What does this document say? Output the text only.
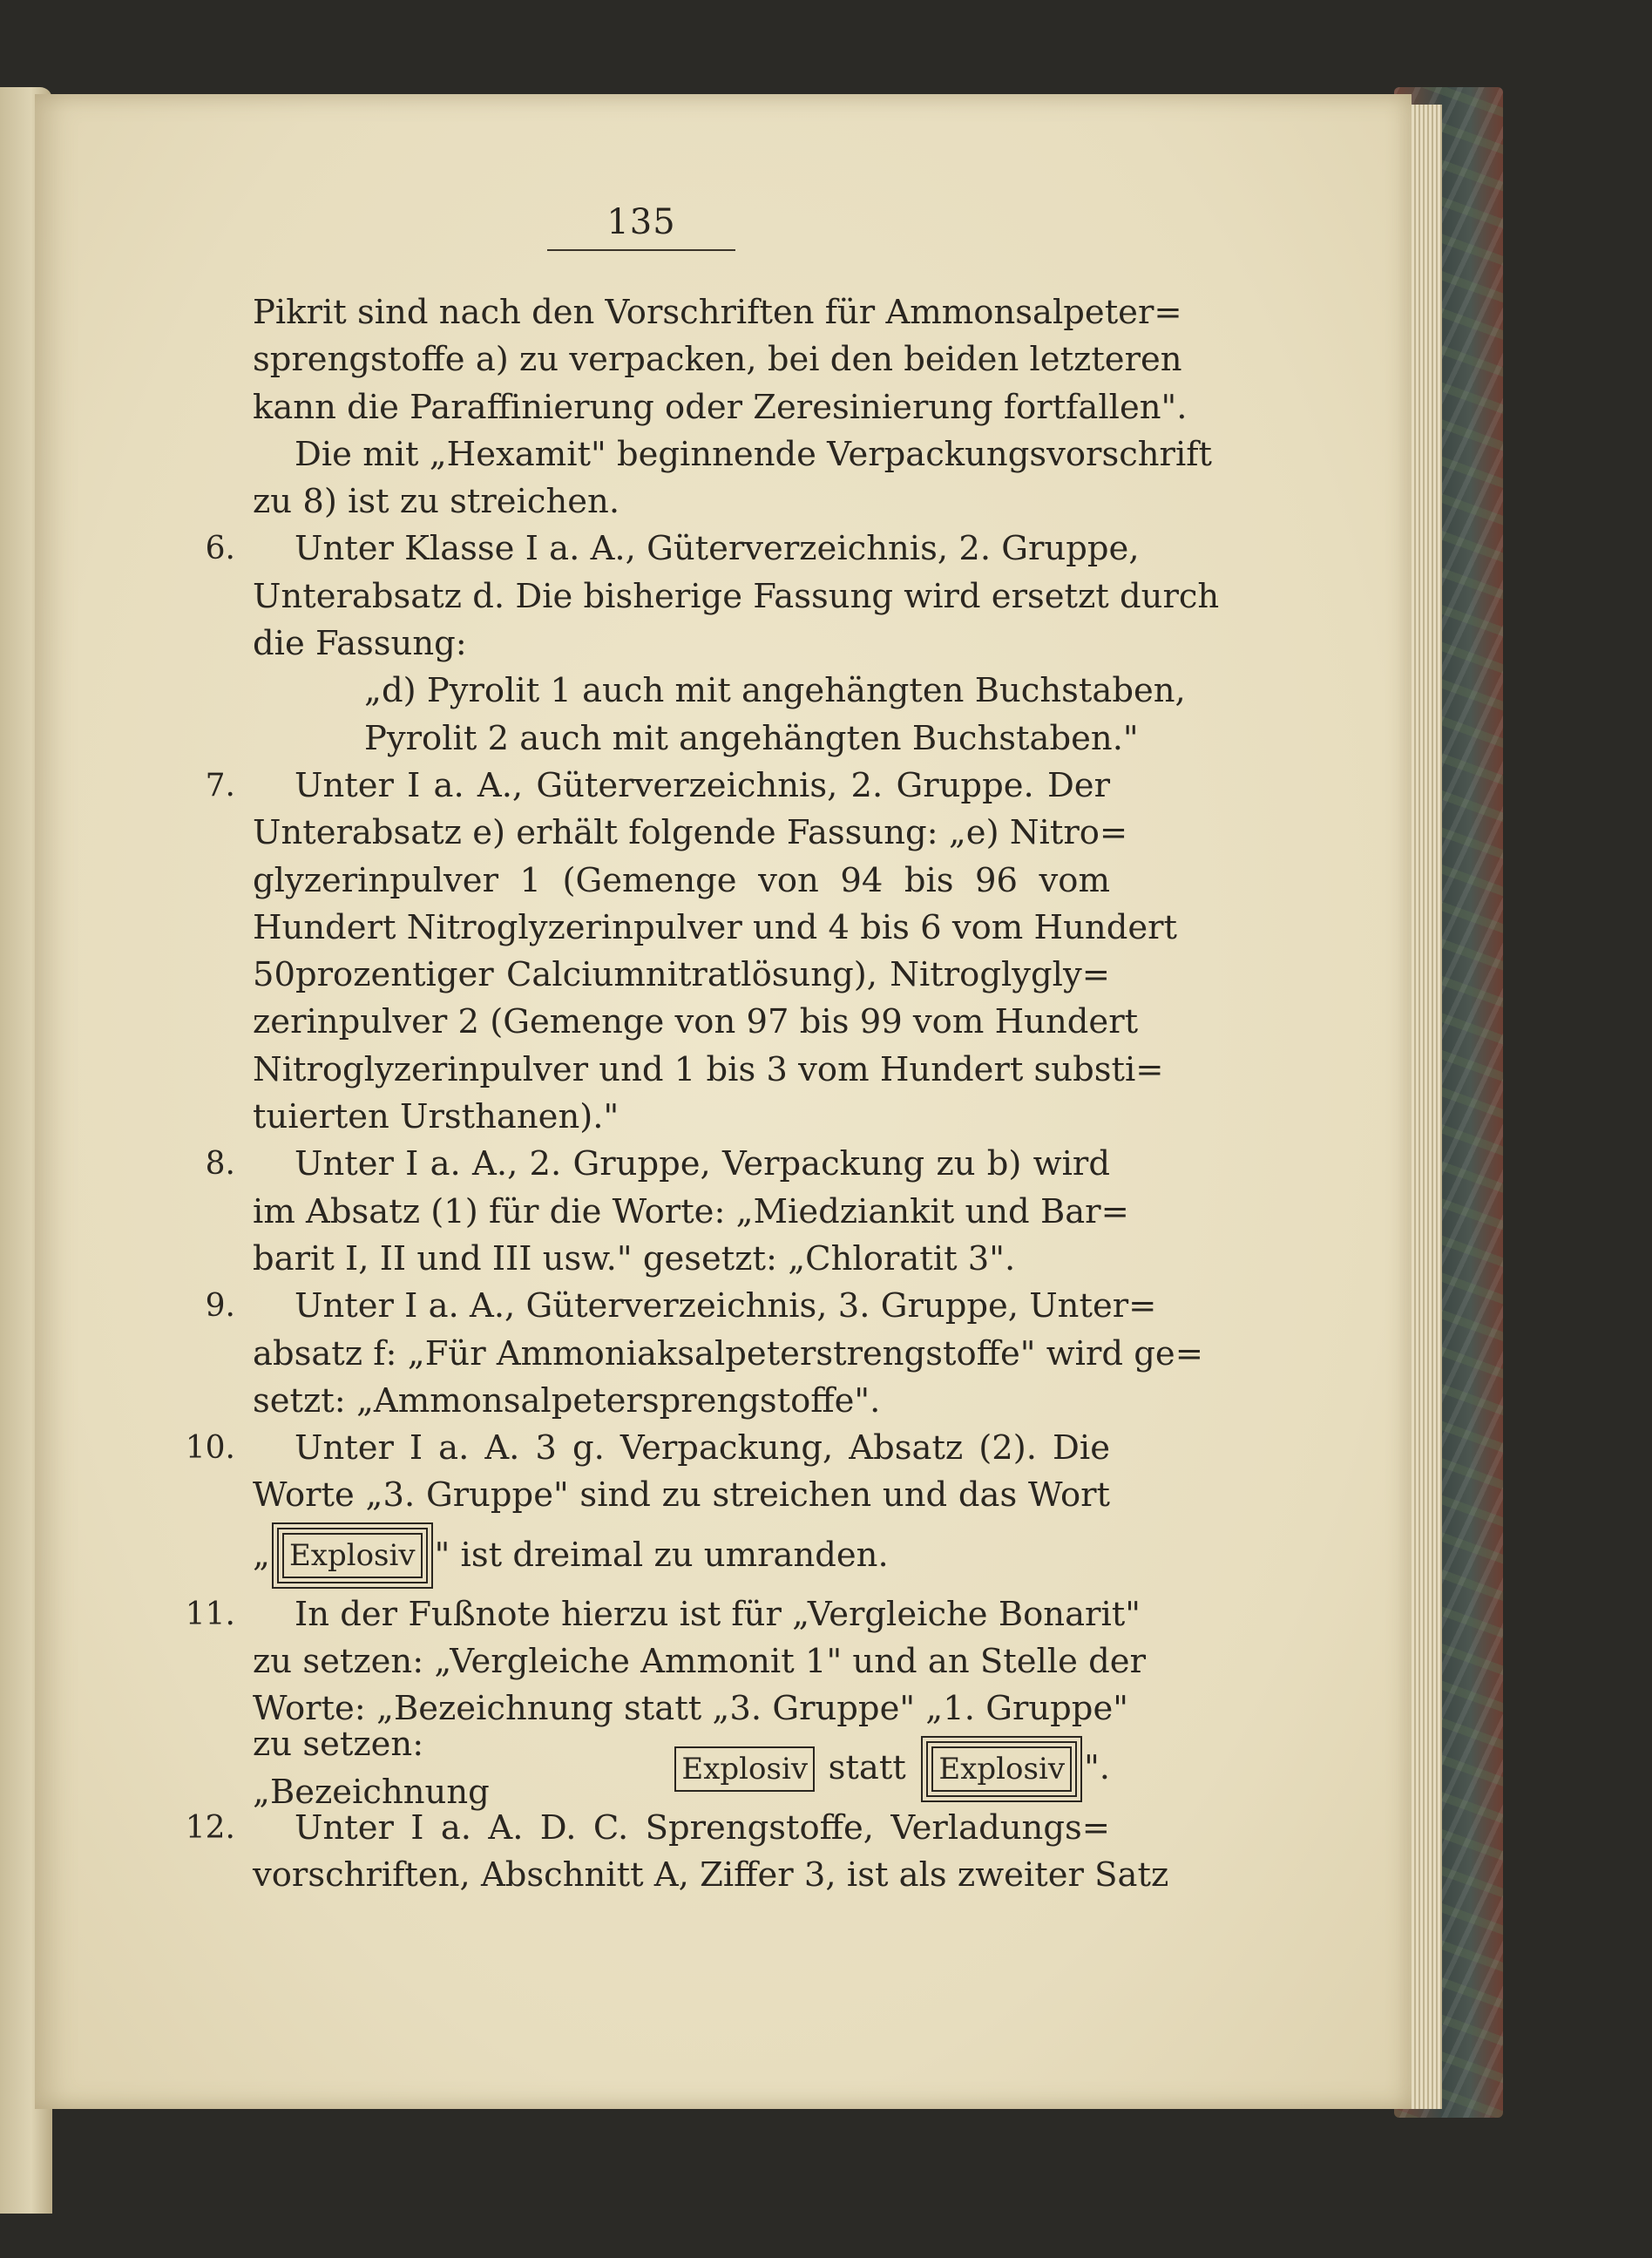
135
Pikrit sind nach den Vorschriften für Ammonsalpeter=
sprengstoffe a) zu verpacken, bei den beiden letzteren
kann die Paraffinierung oder Zeresinierung fortfallen".
Die mit „Hexamit" beginnende Verpackungsvorschrift
zu 8) ist zu streichen.
6.	Unter Klasse I a. A., Güterverzeichnis, 2. Gruppe,
Unterabsatz d. Die bisherige Fassung wird ersetzt durch
die Fassung:
„d) Pyrolit 1 auch mit angehängten Buchstaben,
Pyrolit 2 auch mit angehängten Buchstaben."
7.	Unter I a. A., Güterverzeichnis, 2. Gruppe. Der
Unterabsatz e) erhält folgende Fassung: „e) Nitro=
glyzerinpulver 1 (Gemenge von 94 bis 96 vom
Hundert Nitroglyzerinpulver und 4 bis 6 vom Hundert
50prozentiger Calciumnitratlösung), Nitroglygly=
zerinpulver 2 (Gemenge von 97 bis 99 vom Hundert
Nitroglyzerinpulver und 1 bis 3 vom Hundert substi=
tuierten Ursthanen)."
8.	Unter I a. A., 2. Gruppe, Verpackung zu b) wird
im Absatz (1) für die Worte: „Miedziankit und Bar=
barit I, II und III usw." gesetzt: „Chloratit 3".
9.	Unter I a. A., Güterverzeichnis, 3. Gruppe, Unter=
absatz f: „Für Ammoniaksalpeterstrengstoffe" wird ge=
setzt: „Ammonsalpetersprengstoffe".
10.	Unter I a. A. 3 g. Verpackung, Absatz (2). Die
Worte „3. Gruppe" sind zu streichen und das Wort
„ Explosiv " ist dreimal zu umranden.
11.	In der Fußnote hierzu ist für „Vergleiche Bonarit"
zu setzen: „Vergleiche Ammonit 1" und an Stelle der
Worte: „Bezeichnung statt „3. Gruppe" „1. Gruppe"
zu setzen: „Bezeichnung
Explosiv statt Explosiv ".
12.	Unter I a. A. D. C. Sprengstoffe, Verladungs=
vorschriften, Abschnitt A, Ziffer 3, ist als zweiter Satz
